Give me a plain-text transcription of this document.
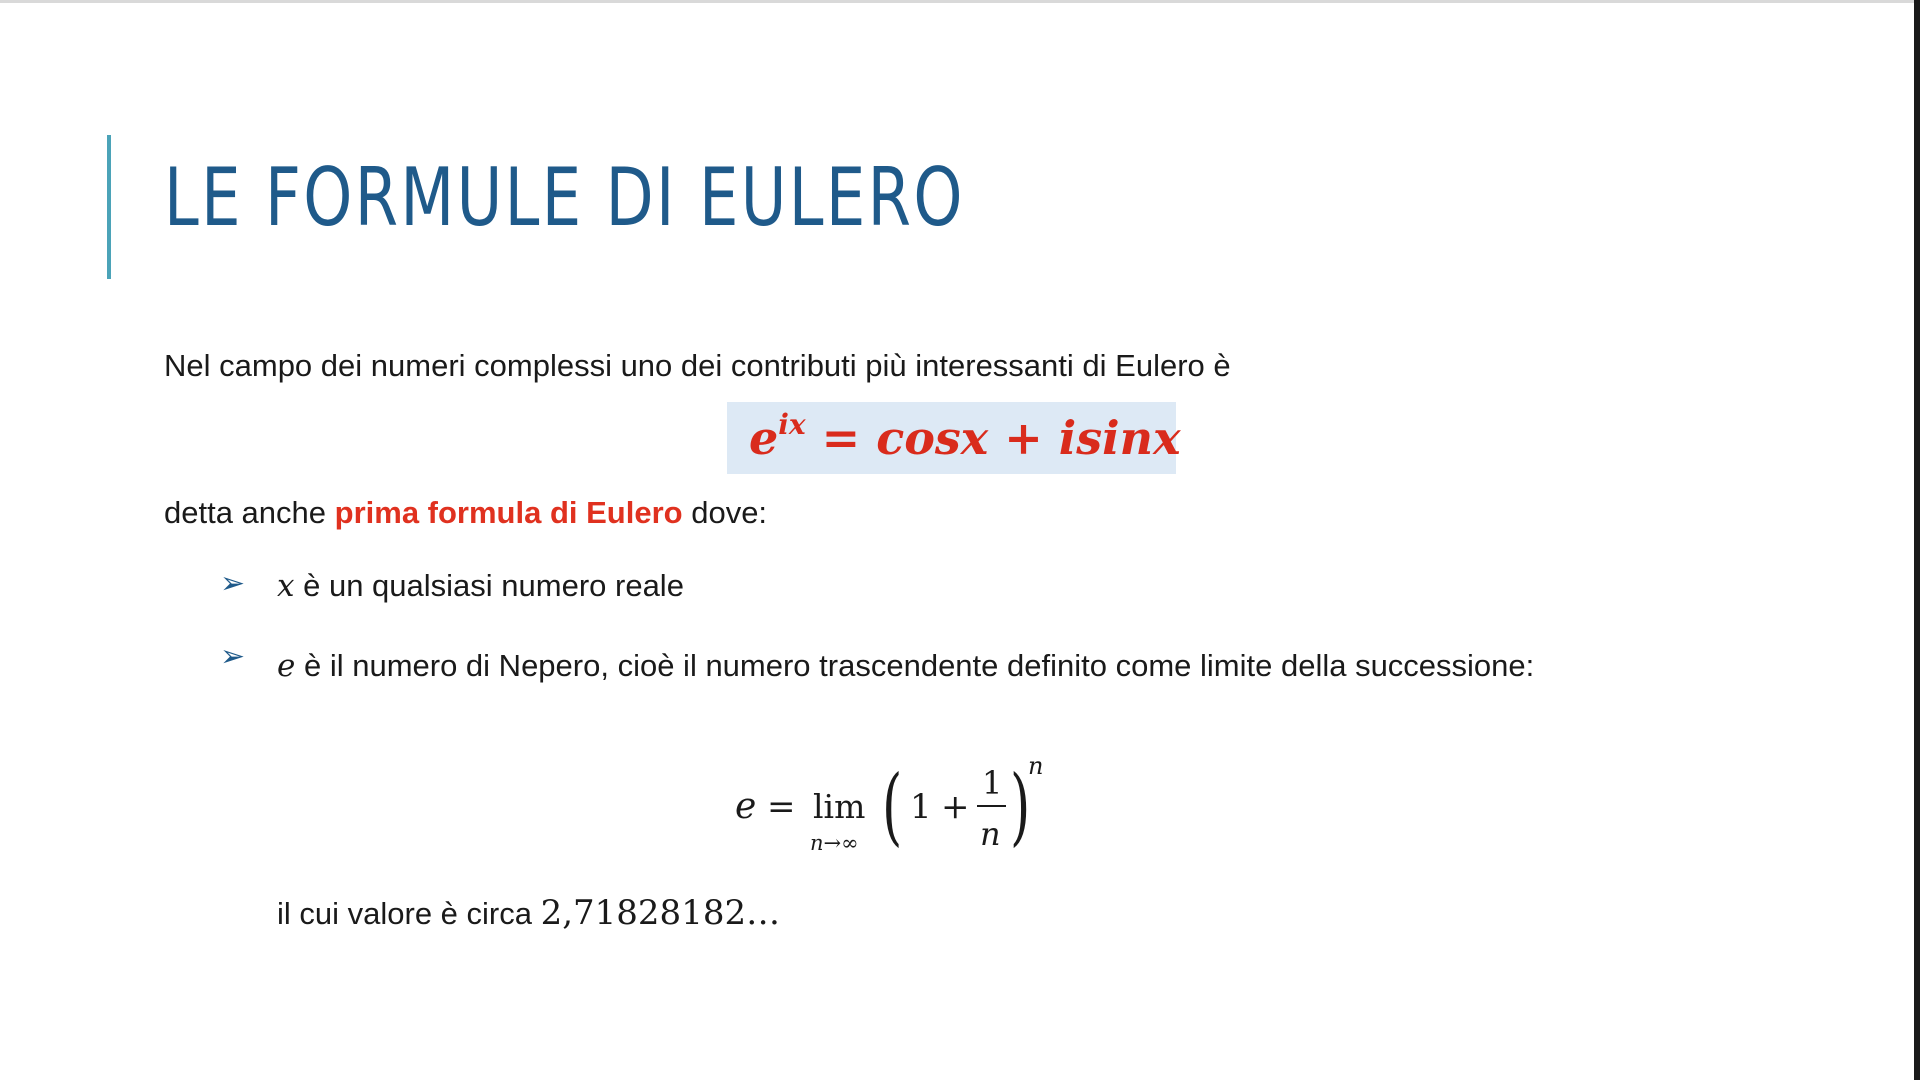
LE FORMULE DI EULERO
Nel campo dei numeri complessi uno dei contributi più interessanti di Eulero è
$e^{ix} = \cos x + isinx$
detta anche prima formula di Eulero dove:
➢ x è un qualsiasi numero reale
➢ e è il numero di Nepero, cioè il numero trascendente definito come limite della successione:
e = lim
n→∞ ( 1 +
1
n )
n
il cui valore è circa 2,71828182…
